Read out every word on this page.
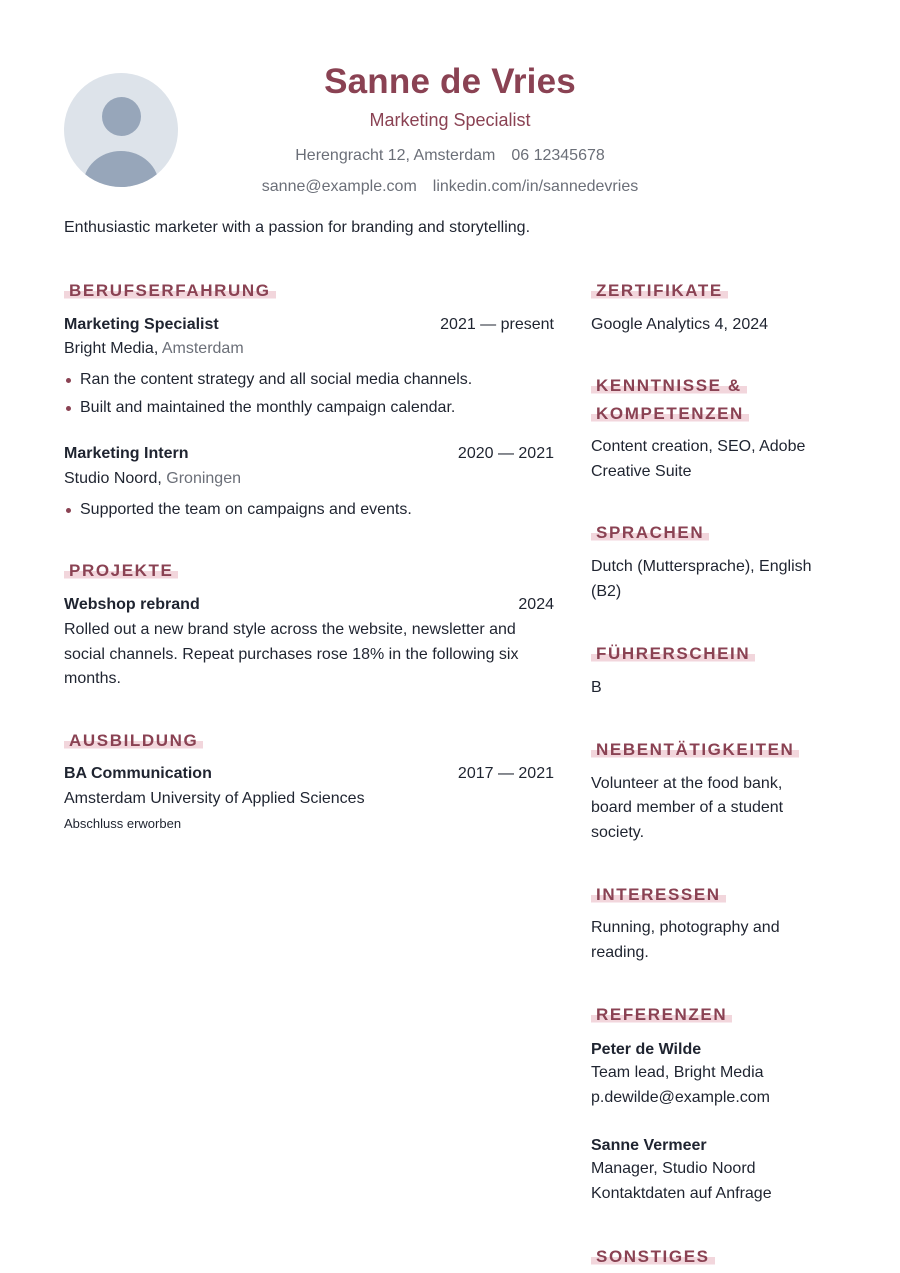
Sanne de Vries
Marketing Specialist
Herengracht 12, Amsterdam 06 12345678
sanne@example.com linkedin.com/in/sannedevries
Enthusiastic marketer with a passion for branding and storytelling.
BERUFSERFAHRUNG
Marketing Specialist	2021 — present
Bright Media, Amsterdam
Ran the content strategy and all social media channels.
Built and maintained the monthly campaign calendar.
Marketing Intern	2020 — 2021
Studio Noord, Groningen
Supported the team on campaigns and events.
PROJEKTE
Webshop rebrand	2024
Rolled out a new brand style across the website, newsletter and social channels. Repeat purchases rose 18% in the following six months.
AUSBILDUNG
BA Communication	2017 — 2021
Amsterdam University of Applied Sciences
Abschluss erworben
ZERTIFIKATE
Google Analytics 4, 2024
KENNTNISSE &
KOMPETENZEN
Content creation, SEO, Adobe
Creative Suite
SPRACHEN
Dutch (Muttersprache), English
(B2)
FÜHRERSCHEIN
B
NEBENTÄTIGKEITEN
Volunteer at the food bank,
board member of a student
society.
INTERESSEN
Running, photography and
reading.
REFERENZEN
Peter de Wilde
Team lead, Bright Media
p.dewilde@example.com
Sanne Vermeer
Manager, Studio Noord
Kontaktdaten auf Anfrage
SONSTIGES
